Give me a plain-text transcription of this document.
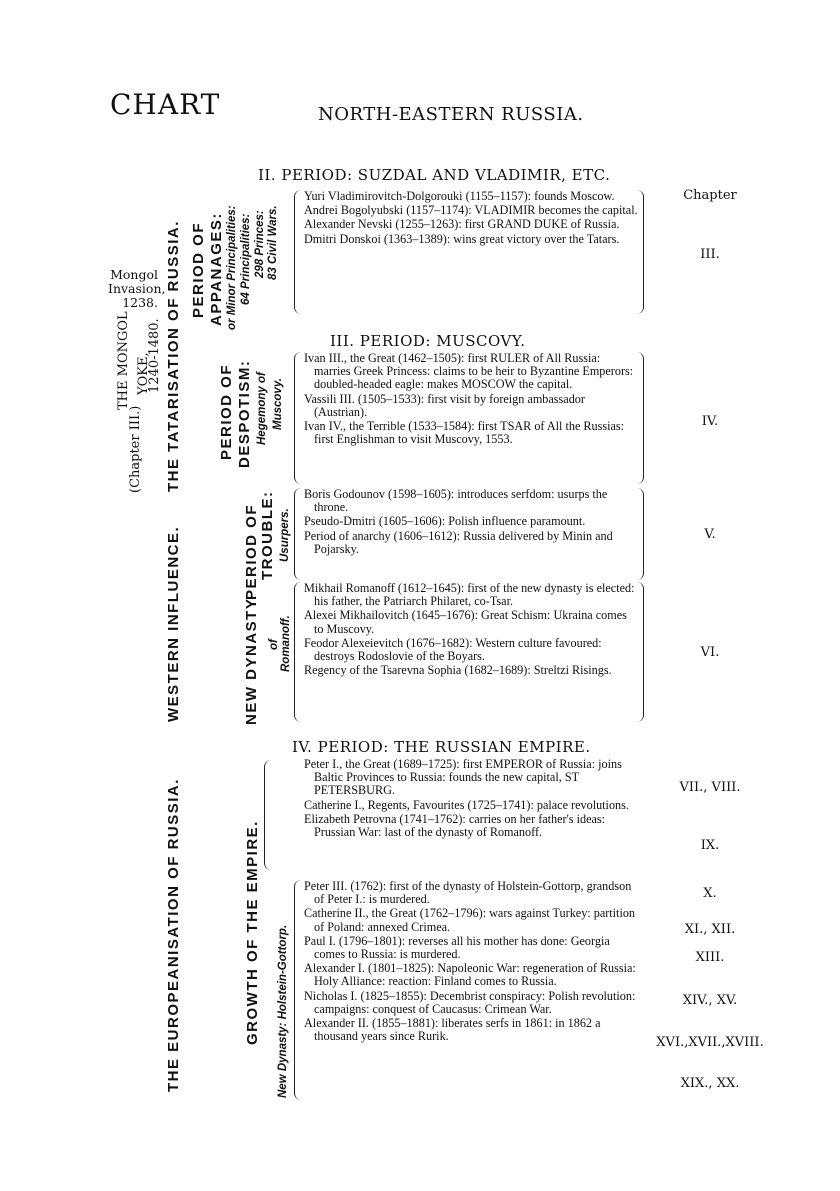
CHART	NORTH-EASTERN RUSSIA.
Mongol
Invasion,
1238.
THE MONGOL YOKE,
(Chapter III.)
1240-1480. THE TATARISATION OF RUSSIA.
WESTERN INFLUENCE.
THE EUROPEANISATION OF RUSSIA.
PERIOD OF APPANAGES: or Minor Principalities: 64 Principalities: 298 Princes: 83 Civil Wars.
PERIOD OF DESPOTISM: Hegemony of Muscovy.
PERIOD OF TROUBLE: Usurpers.
NEW DYNASTY of Romanoff.
GROWTH OF THE EMPIRE. New Dynasty: Holstein-Gottorp.
II. PERIOD: SUZDAL AND VLADIMIR, ETC.
III. PERIOD: MUSCOVY.
IV. PERIOD: THE RUSSIAN EMPIRE.
Chapter

Yuri Vladimirovitch-Dolgorouki (1155–1157): founds Moscow.

Andrei Bogolyubski (1157–1174): VLADIMIR becomes the capital.

Alexander Nevski (1255–1263): first GRAND DUKE of Russia.

Dmitri Donskoi (1363–1389): wins great victory over the Tatars.

III.

Ivan III., the Great (1462–1505): first RULER of All Russia: marries Greek Princess: claims to be heir to Byzantine Emperors: doubled-headed eagle: makes MOSCOW the capital.

Vassili III. (1505–1533): first visit by foreign ambassador (Austrian).

Ivan IV., the Terrible (1533–1584): first TSAR of All the Russias: first Englishman to visit Muscovy, 1553.

IV.

Boris Godounov (1598–1605): introduces serfdom: usurps the throne.

Pseudo-Dmitri (1605–1606): Polish influence paramount.

Period of anarchy (1606–1612): Russia delivered by Minin and Pojarsky.

V.

Mikhail Romanoff (1612–1645): first of the new dynasty is elected: his father, the Patriarch Philaret, co-Tsar.

Alexei Mikhailovitch (1645–1676): Great Schism: Ukraina comes to Muscovy.

Feodor Alexeievitch (1676–1682): Western culture favoured: destroys Rodoslovie of the Boyars.

Regency of the Tsarevna Sophia (1682–1689): Streltzi Risings.

VI.

Peter I., the Great (1689–1725): first EMPEROR of Russia: joins Baltic Provinces to Russia: founds the new capital, ST PETERSBURG.

Catherine I., Regents, Favourites (1725–1741): palace revolutions.

Elizabeth Petrovna (1741–1762): carries on her father's ideas: Prussian War: last of the dynasty of Romanoff.

VII., VIII.
IX.

Peter III. (1762): first of the dynasty of Holstein-Gottorp, grandson of Peter I.: is murdered.

Catherine II., the Great (1762–1796): wars against Turkey: partition of Poland: annexed Crimea.

Paul I. (1796–1801): reverses all his mother has done: Georgia comes to Russia: is murdered.

Alexander I. (1801–1825): Napoleonic War: regeneration of Russia: Holy Alliance: reaction: Finland comes to Russia.

Nicholas I. (1825–1855): Decembrist conspiracy: Polish revolution: campaigns: conquest of Caucasus: Crimean War.

Alexander II. (1855–1881): liberates serfs in 1861: in 1862 a thousand years since Rurik.

X.
XI., XII.
XIII.
XIV., XV.
XVI.,XVII.,XVIII.
XIX., XX.
